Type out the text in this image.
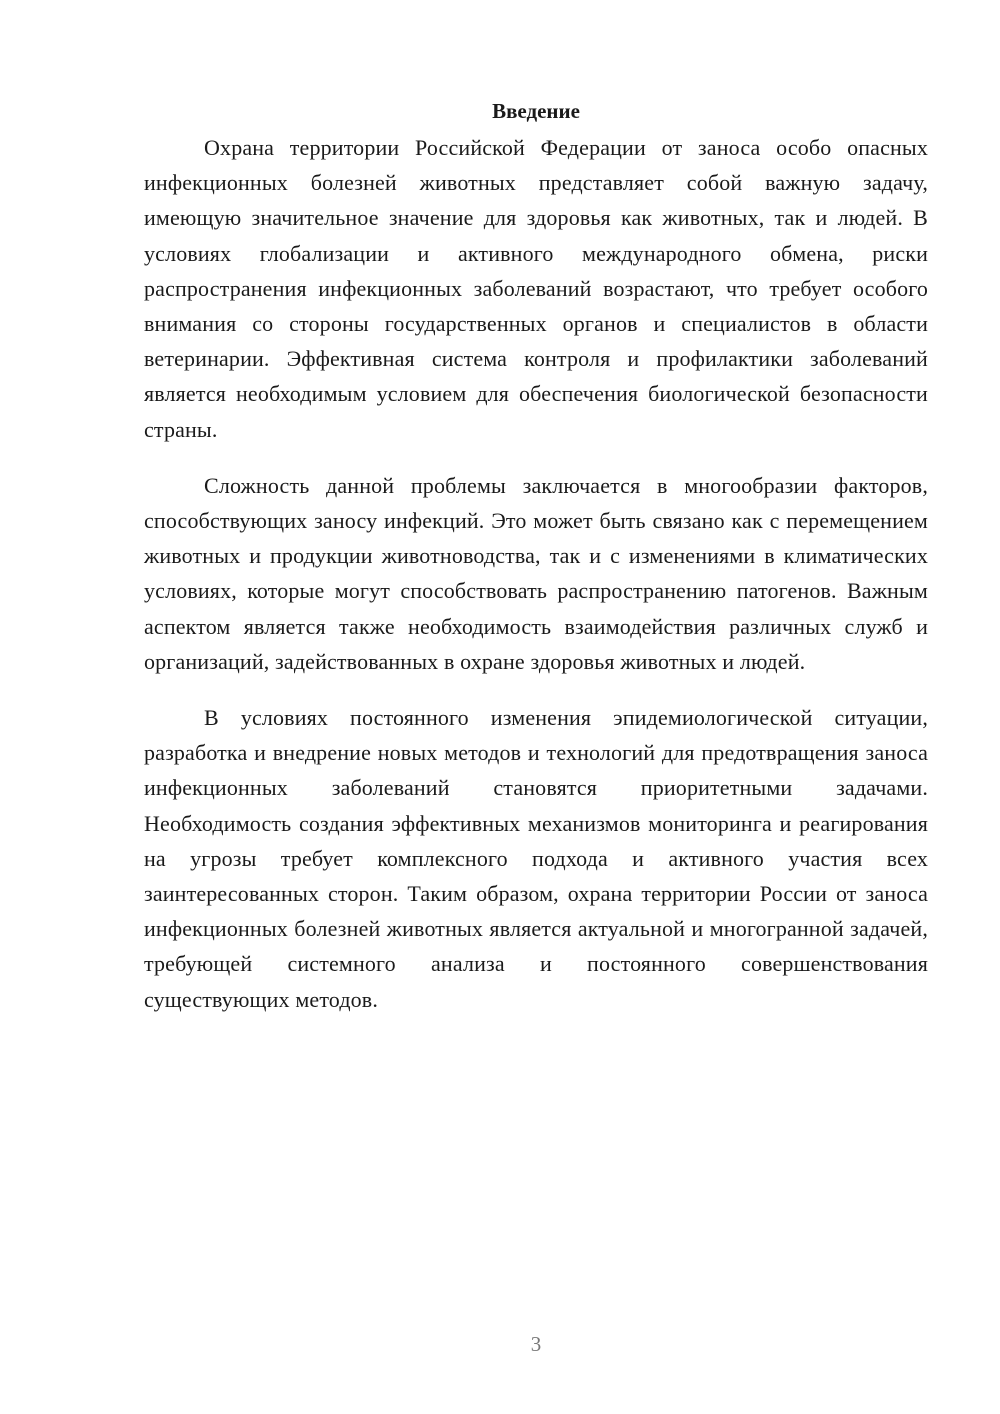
Введение

Охрана территории Российской Федерации от заноса особо опасных инфекционных болезней животных представляет собой важную задачу, имеющую значительное значение для здоровья как животных, так и людей. В условиях глобализации и активного международного обмена, риски распространения инфекционных заболеваний возрастают, что требует особого внимания со стороны государственных органов и специалистов в области ветеринарии. Эффективная система контроля и профилактики заболеваний является необходимым условием для обеспечения биологической безопасности страны.

Сложность данной проблемы заключается в многообразии факторов, способствующих заносу инфекций. Это может быть связано как с перемещением животных и продукции животноводства, так и с изменениями в климатических условиях, которые могут способствовать распространению патогенов. Важным аспектом является также необходимость взаимодействия различных служб и организаций, задействованных в охране здоровья животных и людей.

В условиях постоянного изменения эпидемиологической ситуации, разработка и внедрение новых методов и технологий для предотвращения заноса инфекционных заболеваний становятся приоритетными задачами. Необходимость создания эффективных механизмов мониторинга и реагирования на угрозы требует комплексного подхода и активного участия всех заинтересованных сторон. Таким образом, охрана территории России от заноса инфекционных болезней животных является актуальной и многогранной задачей, требующей системного анализа и постоянного совершенствования существующих методов.

3
